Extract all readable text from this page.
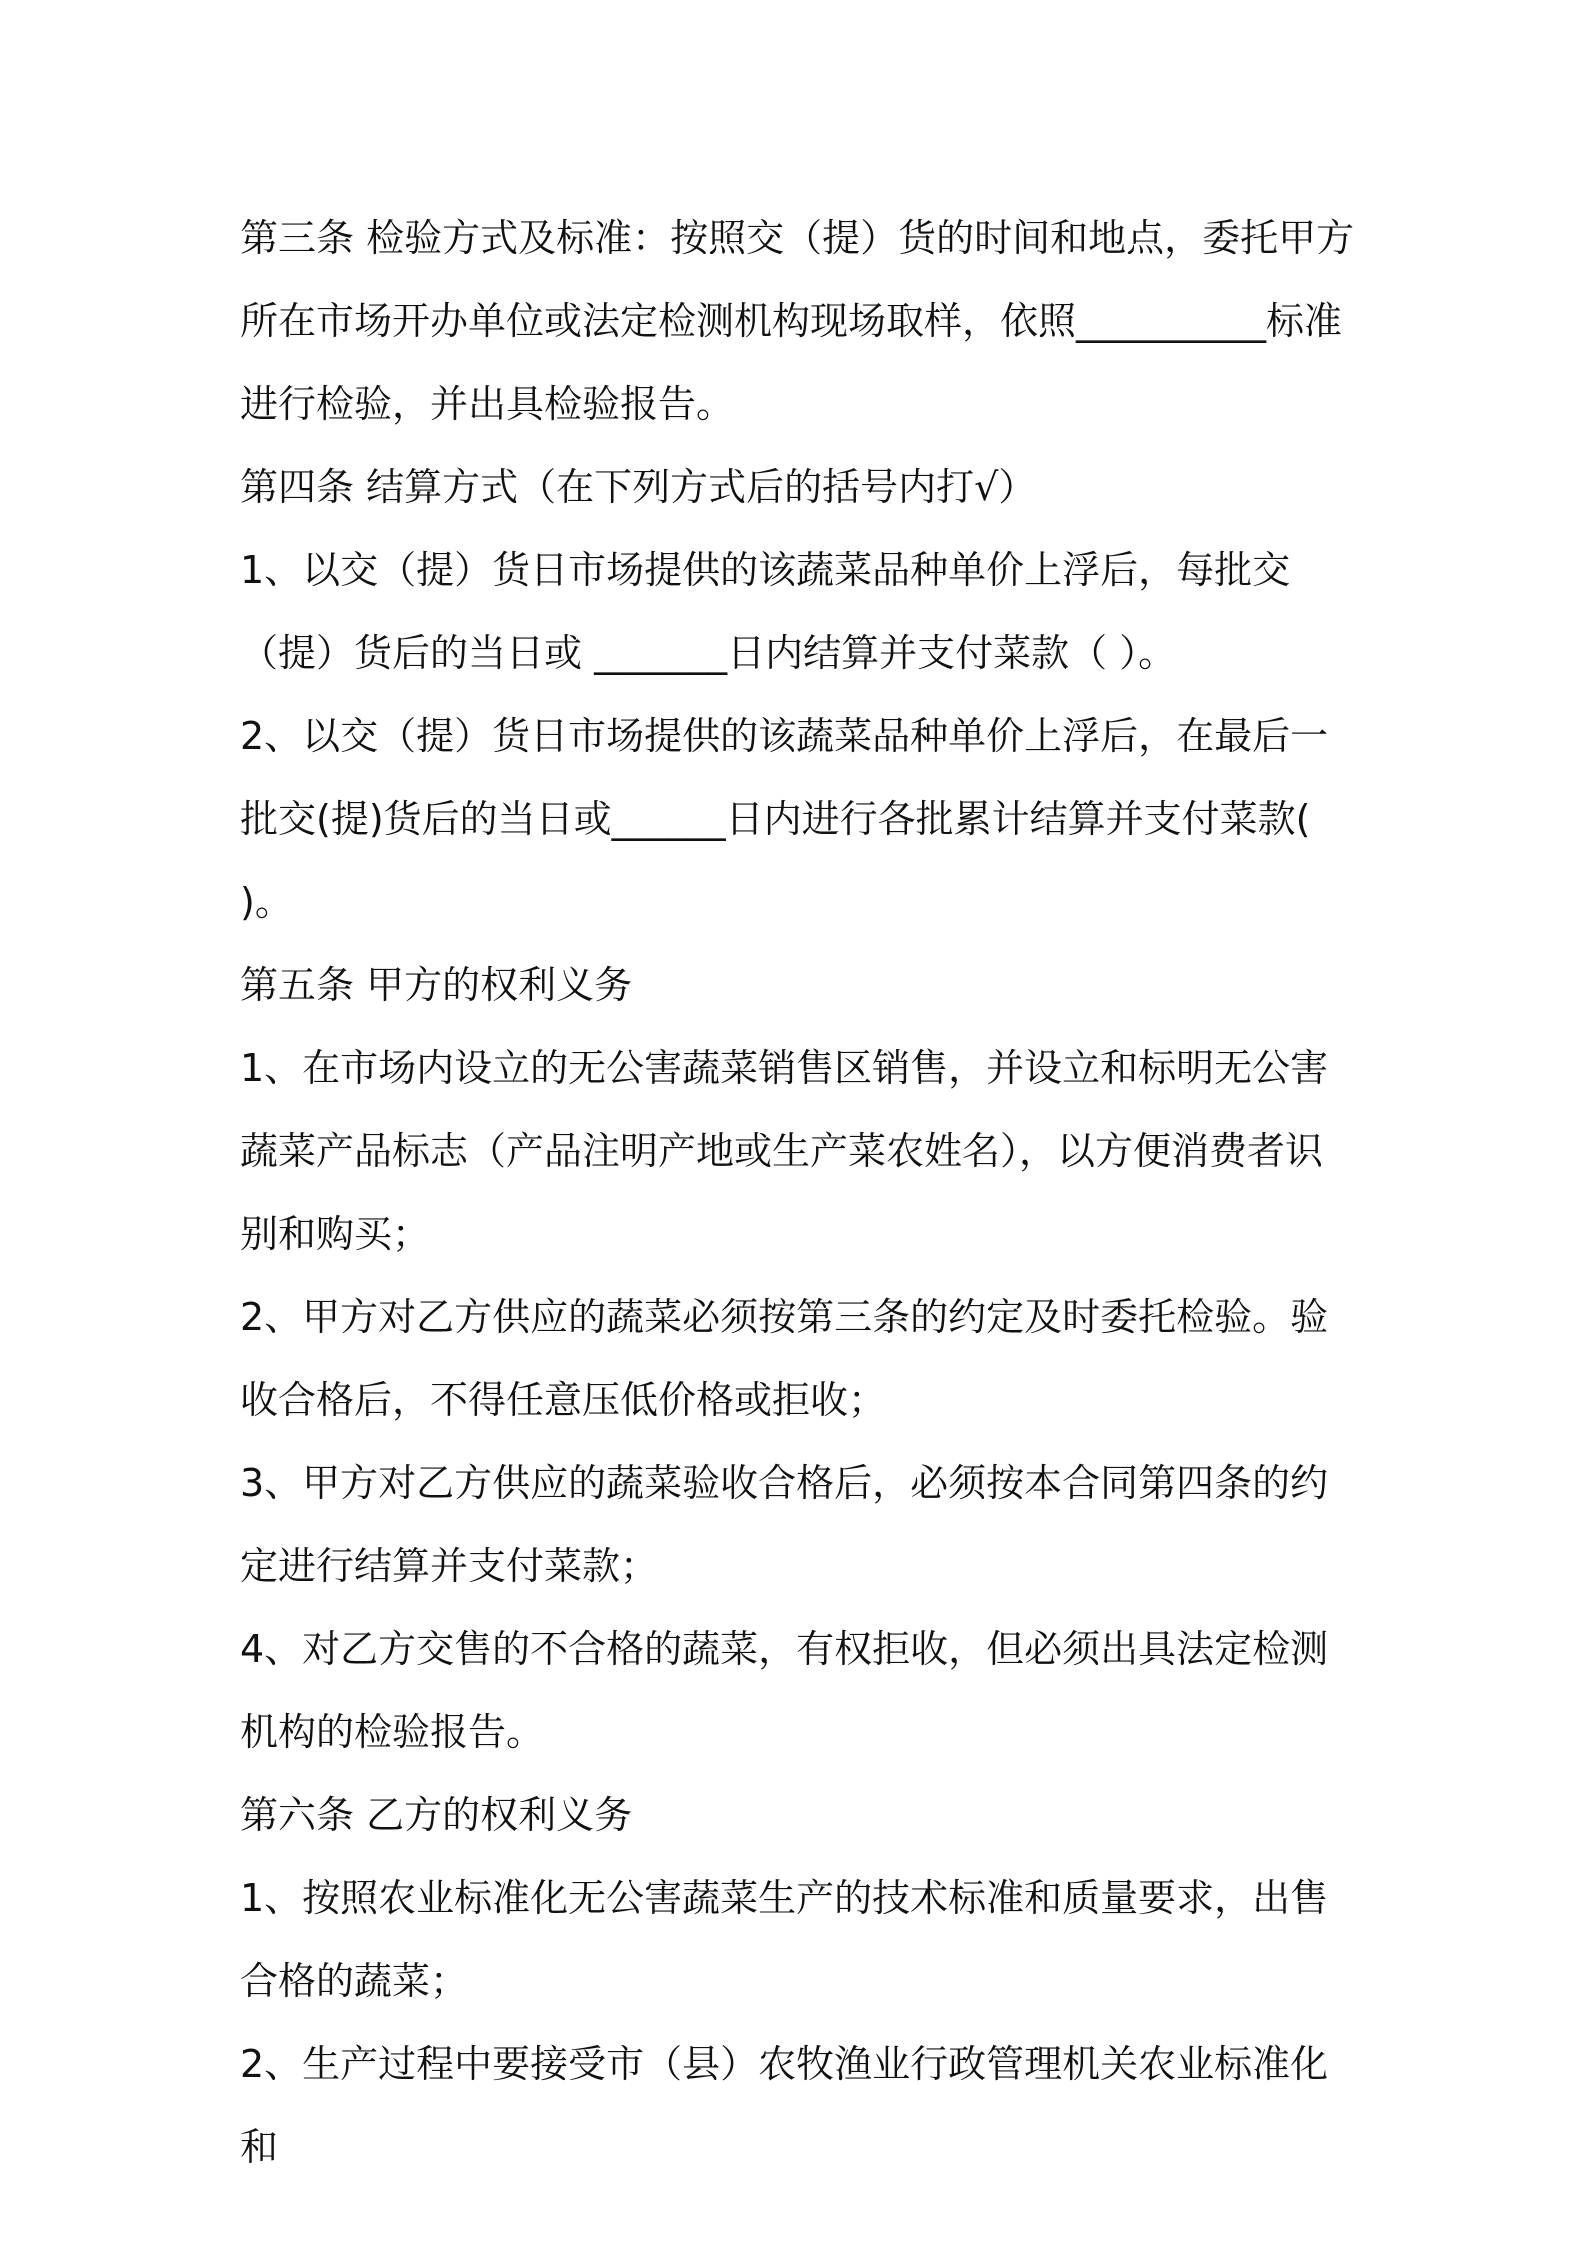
第三条 检验方式及标准：按照交（提）货的时间和地点，委托甲方所在市场开办单位或法定检测机构现场取样，依照__________标准进行检验，并出具检验报告。

第四条 结算方式（在下列方式后的括号内打√）

1、以交（提）货日市场提供的该蔬菜品种单价上浮后，每批交（提）货后的当日或 _______日内结算并支付菜款（ ）。

2、以交（提）货日市场提供的该蔬菜品种单价上浮后，在最后一批交(提)货后的当日或______日内进行各批累计结算并支付菜款( )。

第五条 甲方的权利义务

1、在市场内设立的无公害蔬菜销售区销售，并设立和标明无公害蔬菜产品标志（产品注明产地或生产菜农姓名），以方便消费者识别和购买；

2、甲方对乙方供应的蔬菜必须按第三条的约定及时委托检验。验收合格后，不得任意压低价格或拒收；

3、甲方对乙方供应的蔬菜验收合格后，必须按本合同第四条的约定进行结算并支付菜款；

4、对乙方交售的不合格的蔬菜，有权拒收，但必须出具法定检测机构的检验报告。

第六条 乙方的权利义务

1、按照农业标准化无公害蔬菜生产的技术标准和质量要求，出售合格的蔬菜；

2、生产过程中要接受市（县）农牧渔业行政管理机关农业标准化和
